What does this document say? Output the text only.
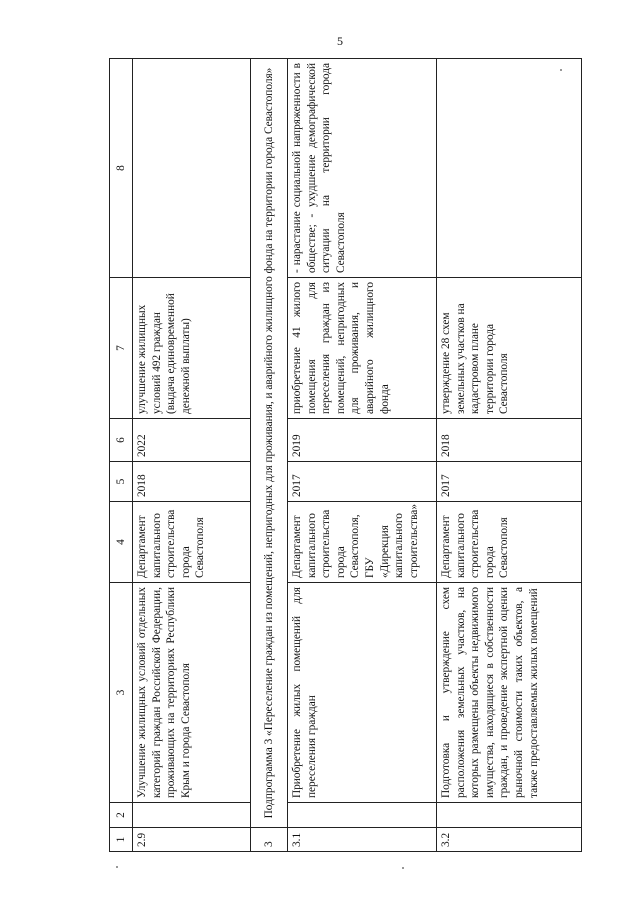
5
1	2	3	4	5	6	7	8
2.9		Улучшение жилищных условий отдельных категорий граждан Российской Федерации, проживающих на территориях Республики Крым и города Севастополя	Департамент капитального строительства города Севастополя	2018	2022	улучшение жилищных условий 492 граждан (выдача единовременной денежной выплаты)	
3	Подпрограмма 3 «Переселение граждан из помещений, непригодных для проживания, и аварийного жилищного фонда на территории города Севастополя»						
3.1		Приобретение жилых помещений для переселения граждан	Департамент капитального строительства города Севастополя, ГБУ «Дирекция капитального строительства»	2017	2019	приобретение 41 жилого помещения для переселения граждан из помещений, непригодных для проживания, и аварийного жилищного фонда	- нарастание социальной напряженности в обществе; - ухудшение демографической ситуации на территории города Севастополя
3.2		Подготовка и утверждение схем расположения земельных участков, на которых размещены объекты недвижимого имущества, находящиеся в собственности граждан, и проведение экспертной оценки рыночной стоимости таких объектов, а также предоставляемых жилых помещений	Департамент капитального строительства города Севастополя	2017	2018	утверждение 28 схем земельных участков на кадастровом плане территории города Севастополя	
